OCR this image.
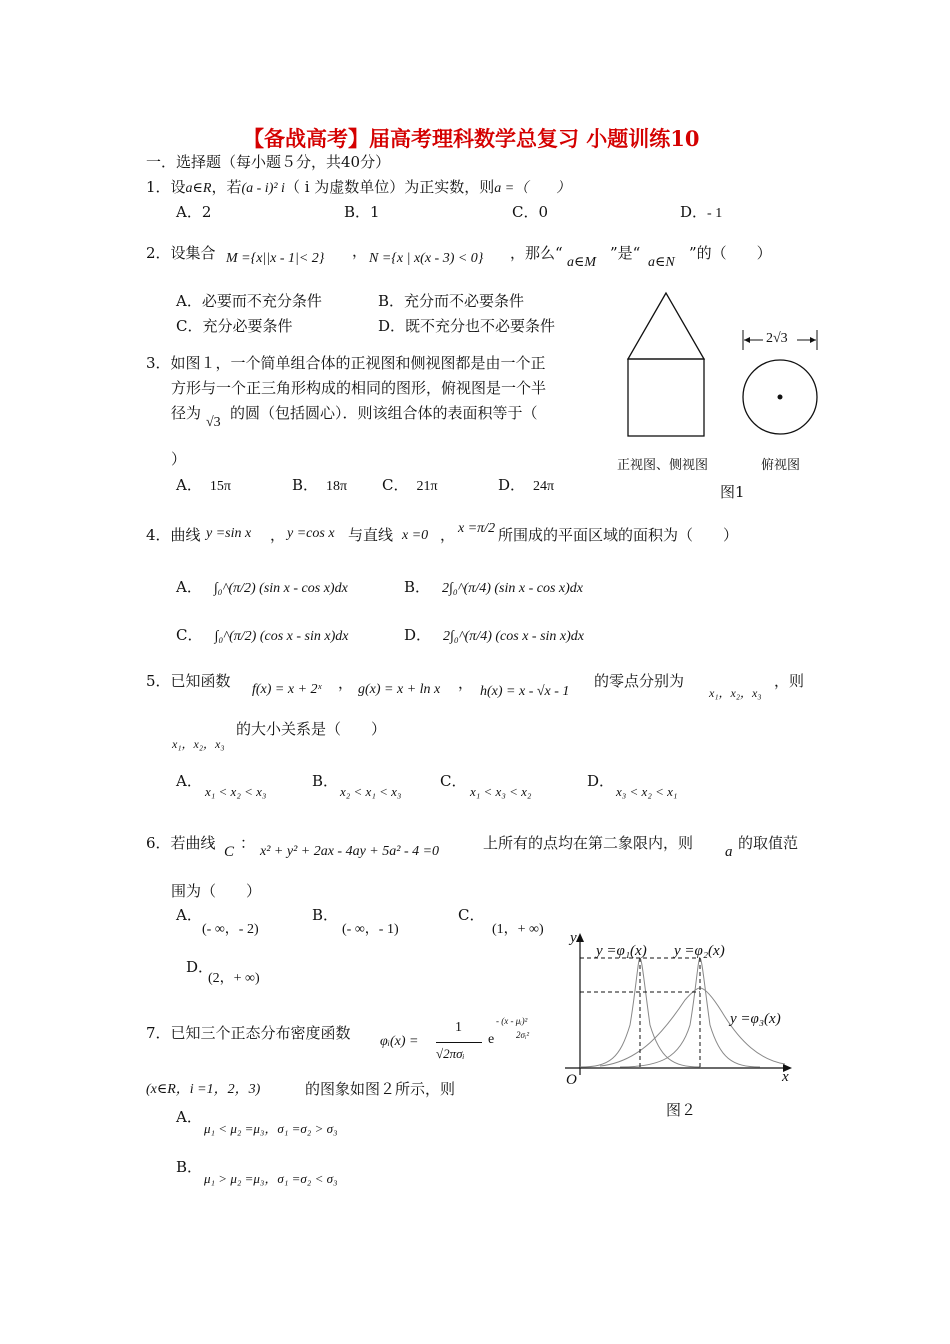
【备战高考】届高考理科数学总复习 小题训练10
一．选择题（每小题５分，共40分）
1．设a∈R，若(a - i)² i（ i 为虚数单位）为正实数，则a =（　　）
A．2	B．1	C．0	D．- 1
2．设集合 M ={x||x - 1|< 2} ， N ={x | x(x - 3) < 0} ，那么“
a∈M
”是“
a∈N
”的（　　）
A．必要而不充分条件	B．充分而不必要条件
C．充分必要条件	D．既不充分也不必要条件
3．如图１，一个简单组合体的正视图和侧视图都是由一个正
方形与一个正三角形构成的相同的图形，俯视图是一个半
径为
√3
的圆（包括圆心）．则该组合体的表面积等于（
）
A． 15π	B． 18π C． 21π	D． 24π
2√3
正视图、侧视图	俯视图
图1
4．曲线 y =sin x ， y =cos x 与直线 x =0 ， x =π/2 所围成的平面区域的面积为（　　）
A． ∫₀^(π/2) (sin x - cos x)dx	B． 2∫₀^(π/4) (sin x - cos x)dx
C． ∫₀^(π/2) (cos x - sin x)dx	D． 2∫₀^(π/4) (cos x - sin x)dx
5．已知函数 f(x) = x + 2ˣ ， g(x) = x + ln x ， h(x) = x - √x - 1
的零点分别为
x₁，x₂，x₃
，则
的大小关系是（　　）
x₁，x₂，x₃
A．
x₁ < x₂ < x₃
B．
x₂ < x₁ < x₃
C．
x₁ < x₃ < x₂
D．
x₃ < x₂ < x₁
6．若曲线 C ： x² + y² + 2ax - 4ay + 5a² - 4 =0	上所有的点均在第二象限内，则 a 的取值范
围为（　　）
A．
(- ∞，- 2)
B．
(- ∞，- 1)
C．
(1，+ ∞)
D．
(2，+ ∞)
7．已知三个正态分布密度函数 φᵢ(x) =
1
√2πσᵢ
e
- (x - μᵢ)²
2σᵢ²
(x∈R，i =1，2，3)	的图象如图２所示，则
A．
μ₁ < μ₂ =μ₃，σ₁ =σ₂ > σ₃
B．
μ₁ > μ₂ =μ₃，σ₁ =σ₂ < σ₃
y
x
O
y =φ₁(x) y =φ₂(x)
y =φ₃(x)
图２
